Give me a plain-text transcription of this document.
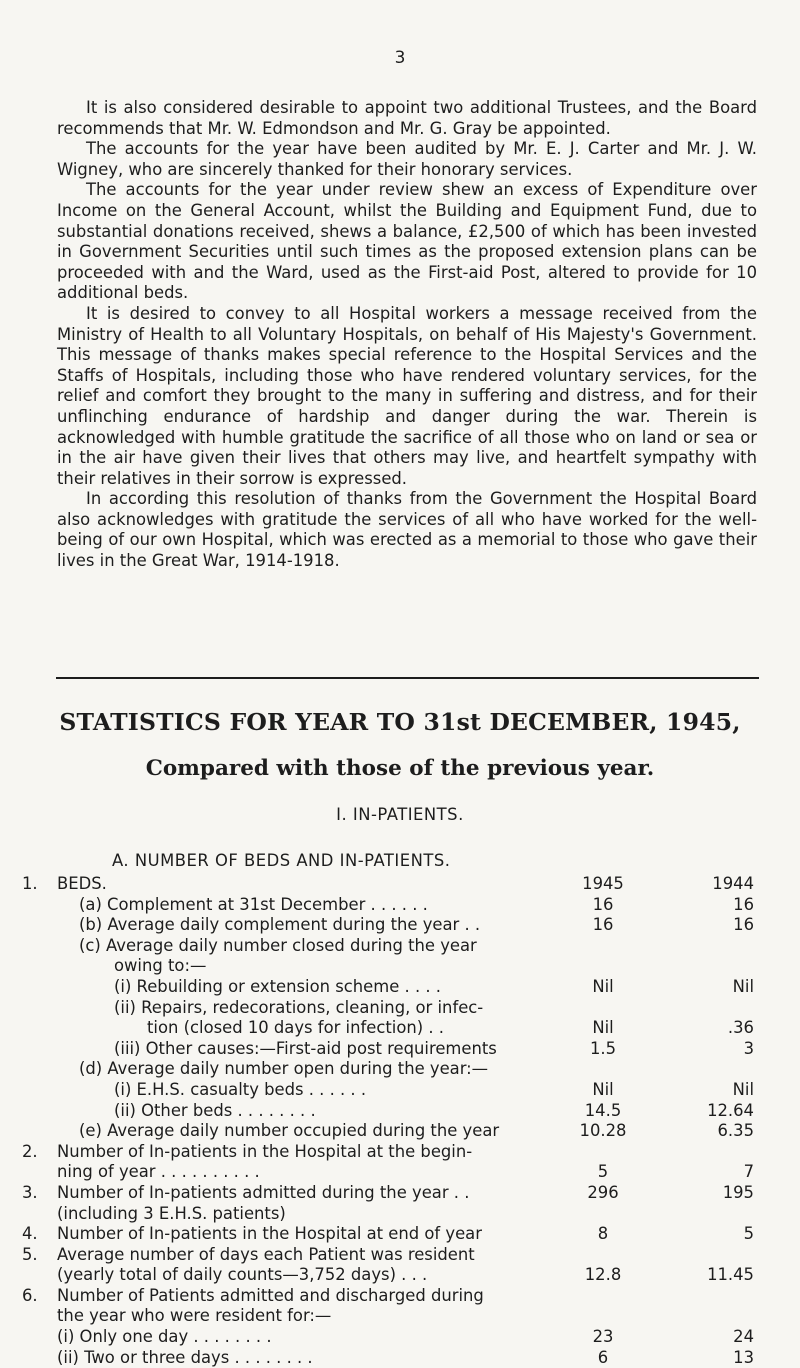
3

It is also considered desirable to appoint two additional Trustees, and the Board recommends that Mr. W. Edmondson and Mr. G. Gray be appointed.

The accounts for the year have been audited by Mr. E. J. Carter and Mr. J. W. Wigney, who are sincerely thanked for their honorary services.

The accounts for the year under review shew an excess of Expenditure over Income on the General Account, whilst the Building and Equipment Fund, due to substantial donations received, shews a balance, £2,500 of which has been invested in Government Securities until such times as the proposed extension plans can be proceeded with and the Ward, used as the First-aid Post, altered to provide for 10 additional beds.

It is desired to convey to all Hospital workers a message received from the Ministry of Health to all Voluntary Hospitals, on behalf of His Majesty's Government. This message of thanks makes special reference to the Hospital Services and the Staffs of Hospitals, including those who have rendered voluntary services, for the relief and comfort they brought to the many in suffering and distress, and for their unflinching endurance of hardship and danger during the war. Therein is acknowledged with humble gratitude the sacrifice of all those who on land or sea or in the air have given their lives that others may live, and heartfelt sympathy with their relatives in their sorrow is expressed.

In according this resolution of thanks from the Government the Hospital Board also acknowledges with gratitude the services of all who have worked for the well-being of our own Hospital, which was erected as a memorial to those who gave their lives in the Great War, 1914-1918.

STATISTICS FOR YEAR TO 31st DECEMBER, 1945,
Compared with those of the previous year.
I. IN-PATIENTS.
A. NUMBER OF BEDS AND IN-PATIENTS.
1. BEDS.	1945	1944
(a) Complement at 31st December . . . . . .	16	16
(b) Average daily complement during the year . .	16	16
(c) Average daily number closed during the year
owing to:—
(i) Rebuilding or extension scheme . . . .	Nil	Nil
(ii) Repairs, redecorations, cleaning, or infec-
tion (closed 10 days for infection) . .	Nil	.36
(iii) Other causes:—First-aid post requirements	1.5	3
(d) Average daily number open during the year:—
(i) E.H.S. casualty beds . . . . . .	Nil	Nil
(ii) Other beds . . . . . . . .	14.5	12.64
(e) Average daily number occupied during the year	10.28	6.35
2. Number of In-patients in the Hospital at the begin-
ning of year . . . . . . . . . .	5	7
3. Number of In-patients admitted during the year . .	296	195
(including 3 E.H.S. patients)
4. Number of In-patients in the Hospital at end of year	8	5
5. Average number of days each Patient was resident
(yearly total of daily counts—3,752 days) . . .	12.8	11.45
6. Number of Patients admitted and discharged during
the year who were resident for:—
(i) Only one day . . . . . . . .	23	24
(ii) Two or three days . . . . . . . .	6	13
